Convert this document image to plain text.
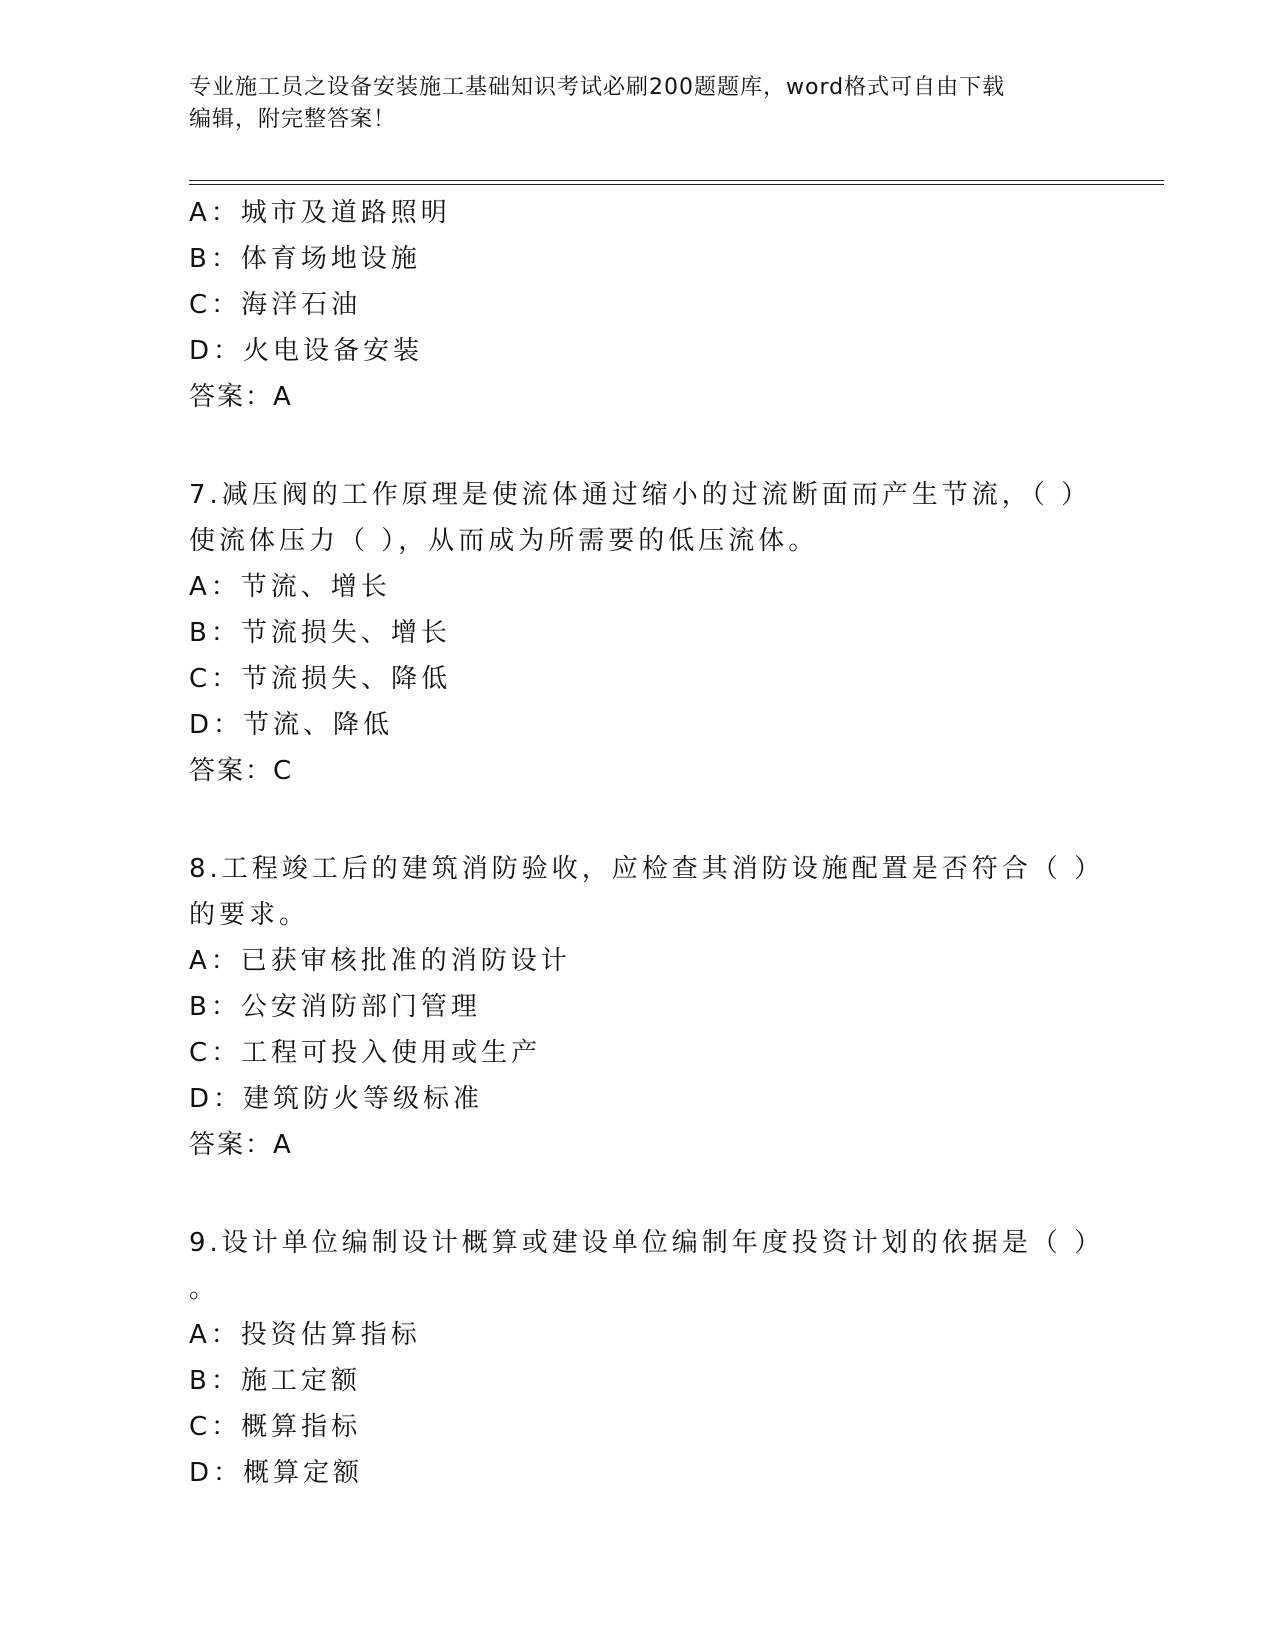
专业施工员之设备安装施工基础知识考试必刷200题题库，word格式可自由下载
编辑，附完整答案！
A：城市及道路照明
B：体育场地设施
C：海洋石油
D：火电设备安装
答案：A
7.减压阀的工作原理是使流体通过缩小的过流断面而产生节流，（ ）
使流体压力（ ），从而成为所需要的低压流体。
A：节流、增长
B：节流损失、增长
C：节流损失、降低
D：节流、降低
答案：C
8.工程竣工后的建筑消防验收，应检查其消防设施配置是否符合（ ）
的要求。
A：已获审核批准的消防设计
B：公安消防部门管理
C：工程可投入使用或生产
D：建筑防火等级标准
答案：A
9.设计单位编制设计概算或建设单位编制年度投资计划的依据是（ ）
。
A：投资估算指标
B：施工定额
C：概算指标
D：概算定额
